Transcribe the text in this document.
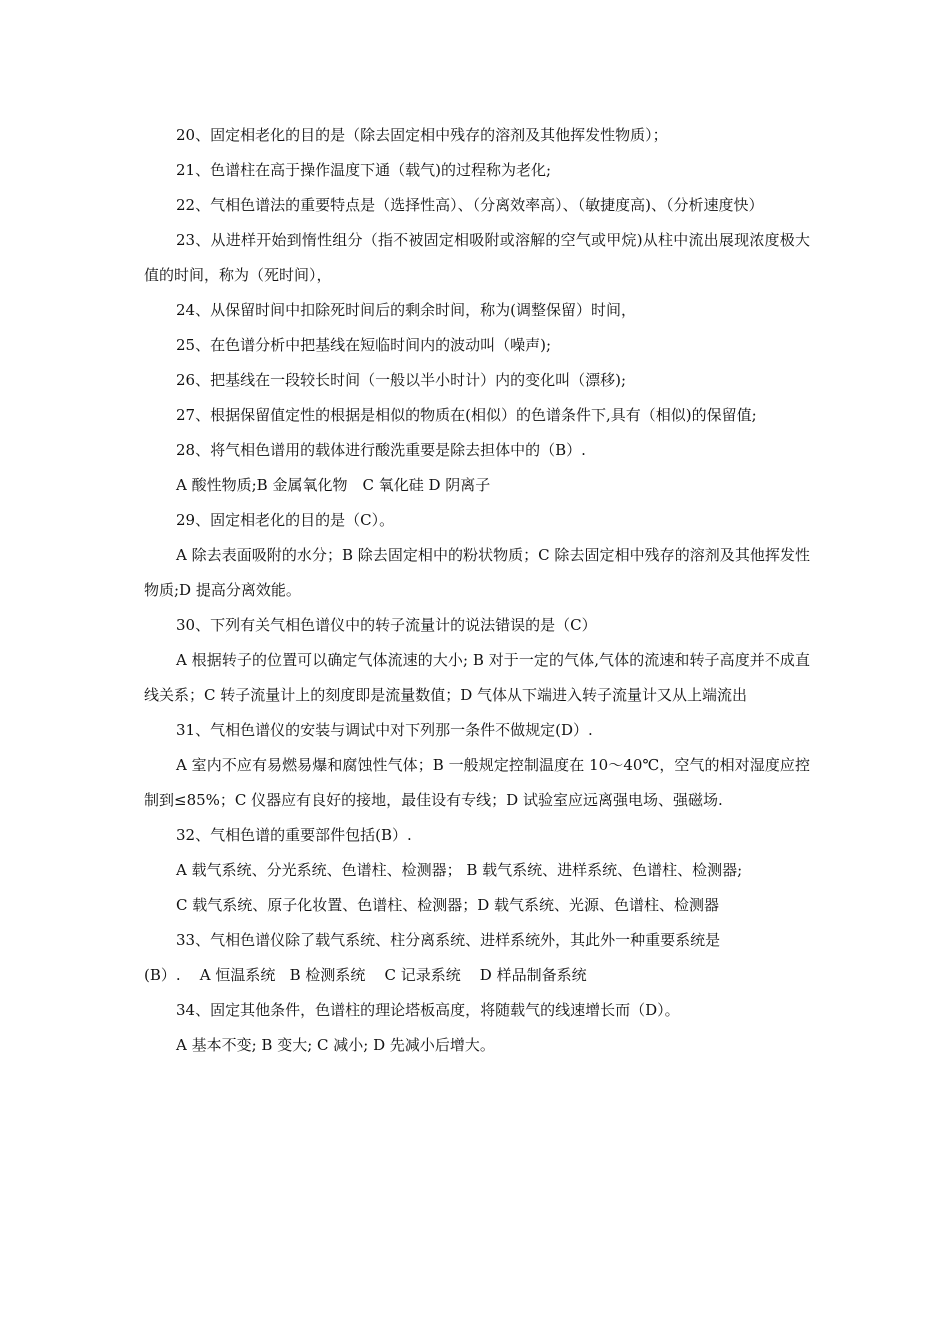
20、固定相老化的目的是（除去固定相中残存的溶剂及其他挥发性物质）；

21、色谱柱在高于操作温度下通（载气)的过程称为老化;

22、气相色谱法的重要特点是（选择性高）、（分离效率高）、（敏捷度高)、（分析速度快）

23、从进样开始到惰性组分（指不被固定相吸附或溶解的空气或甲烷)从柱中流出展现浓度极大值的时间，称为（死时间），

24、从保留时间中扣除死时间后的剩余时间，称为(调整保留）时间，

25、在色谱分析中把基线在短临时间内的波动叫（噪声);

26、把基线在一段较长时间（一般以半小时计）内的变化叫（漂移);

27、根据保留值定性的根据是相似的物质在(相似）的色谱条件下,具有（相似)的保留值;

28、将气相色谱用的载体进行酸洗重要是除去担体中的（B）.

A 酸性物质;B 金属氧化物　C 氧化硅 D 阴离子

29、固定相老化的目的是（C）。

A 除去表面吸附的水分；B 除去固定相中的粉状物质；C 除去固定相中残存的溶剂及其他挥发性物质;D 提高分离效能。

30、下列有关气相色谱仪中的转子流量计的说法错误的是（C）

A 根据转子的位置可以确定气体流速的大小; B 对于一定的气体,气体的流速和转子高度并不成直线关系；C 转子流量计上的刻度即是流量数值；D 气体从下端进入转子流量计又从上端流出

31、气相色谱仪的安装与调试中对下列那一条件不做规定(D）.

A 室内不应有易燃易爆和腐蚀性气体；B 一般规定控制温度在 10～40℃，空气的相对湿度应控制到≤85%；C 仪器应有良好的接地，最佳设有专线；D 试验室应远离强电场、强磁场.

32、气相色谱的重要部件包括(B）.

A 载气系统、分光系统、色谱柱、检测器； B 载气系统、进样系统、色谱柱、检测器;

C 载气系统、原子化妆置、色谱柱、检测器；D 载气系统、光源、色谱柱、检测器

33、气相色谱仪除了载气系统、柱分离系统、进样系统外，其此外一种重要系统是

(B）.    A 恒温系统   B 检测系统    C 记录系统    D 样品制备系统

34、固定其他条件，色谱柱的理论塔板高度，将随载气的线速增长而（D）。

A 基本不变; B 变大; C 减小; D 先减小后增大。
